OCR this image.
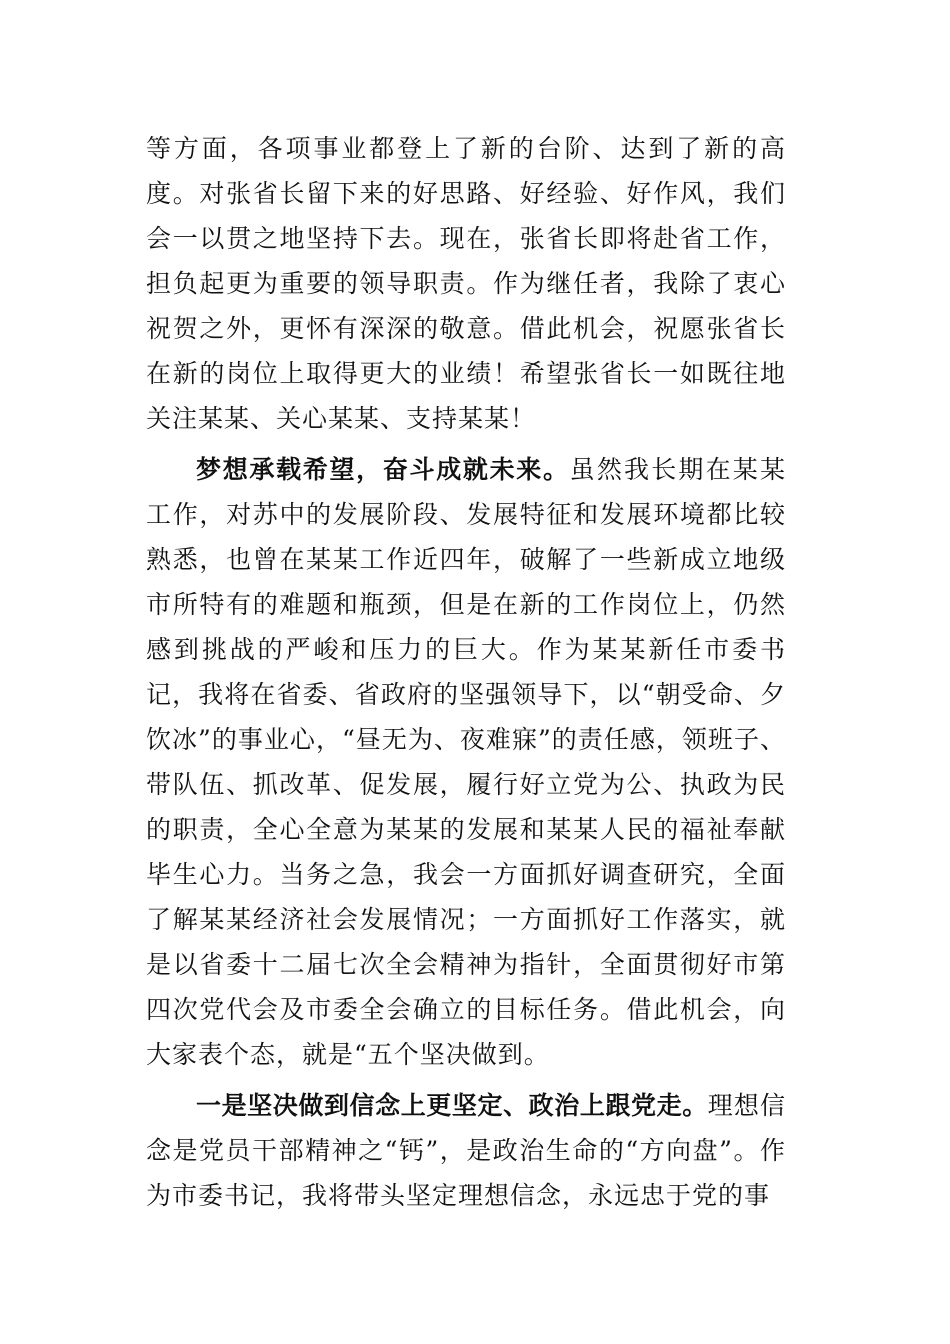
等方面，各项事业都登上了新的台阶、达到了新的高度。对张省长留下来的好思路、好经验、好作风，我们会一以贯之地坚持下去。现在，张省长即将赴省工作，担负起更为重要的领导职责。作为继任者，我除了衷心祝贺之外，更怀有深深的敬意。借此机会，祝愿张省长在新的岗位上取得更大的业绩！希望张省长一如既往地关注某某、关心某某、支持某某！

梦想承载希望，奋斗成就未来。虽然我长期在某某工作，对苏中的发展阶段、发展特征和发展环境都比较熟悉，也曾在某某工作近四年，破解了一些新成立地级市所特有的难题和瓶颈，但是在新的工作岗位上，仍然感到挑战的严峻和压力的巨大。作为某某新任市委书记，我将在省委、省政府的坚强领导下，以“朝受命、夕饮冰”的事业心，“昼无为、夜难寐”的责任感，领班子、带队伍、抓改革、促发展，履行好立党为公、执政为民的职责，全心全意为某某的发展和某某人民的福祉奉献毕生心力。当务之急，我会一方面抓好调查研究，全面了解某某经济社会发展情况；一方面抓好工作落实，就是以省委十二届七次全会精神为指针，全面贯彻好市第四次党代会及市委全会确立的目标任务。借此机会，向大家表个态，就是“五个坚决做到。

一是坚决做到信念上更坚定、政治上跟党走。理想信念是党员干部精神之“钙”，是政治生命的“方向盘”。作为市委书记，我将带头坚定理想信念，永远忠于党的事
